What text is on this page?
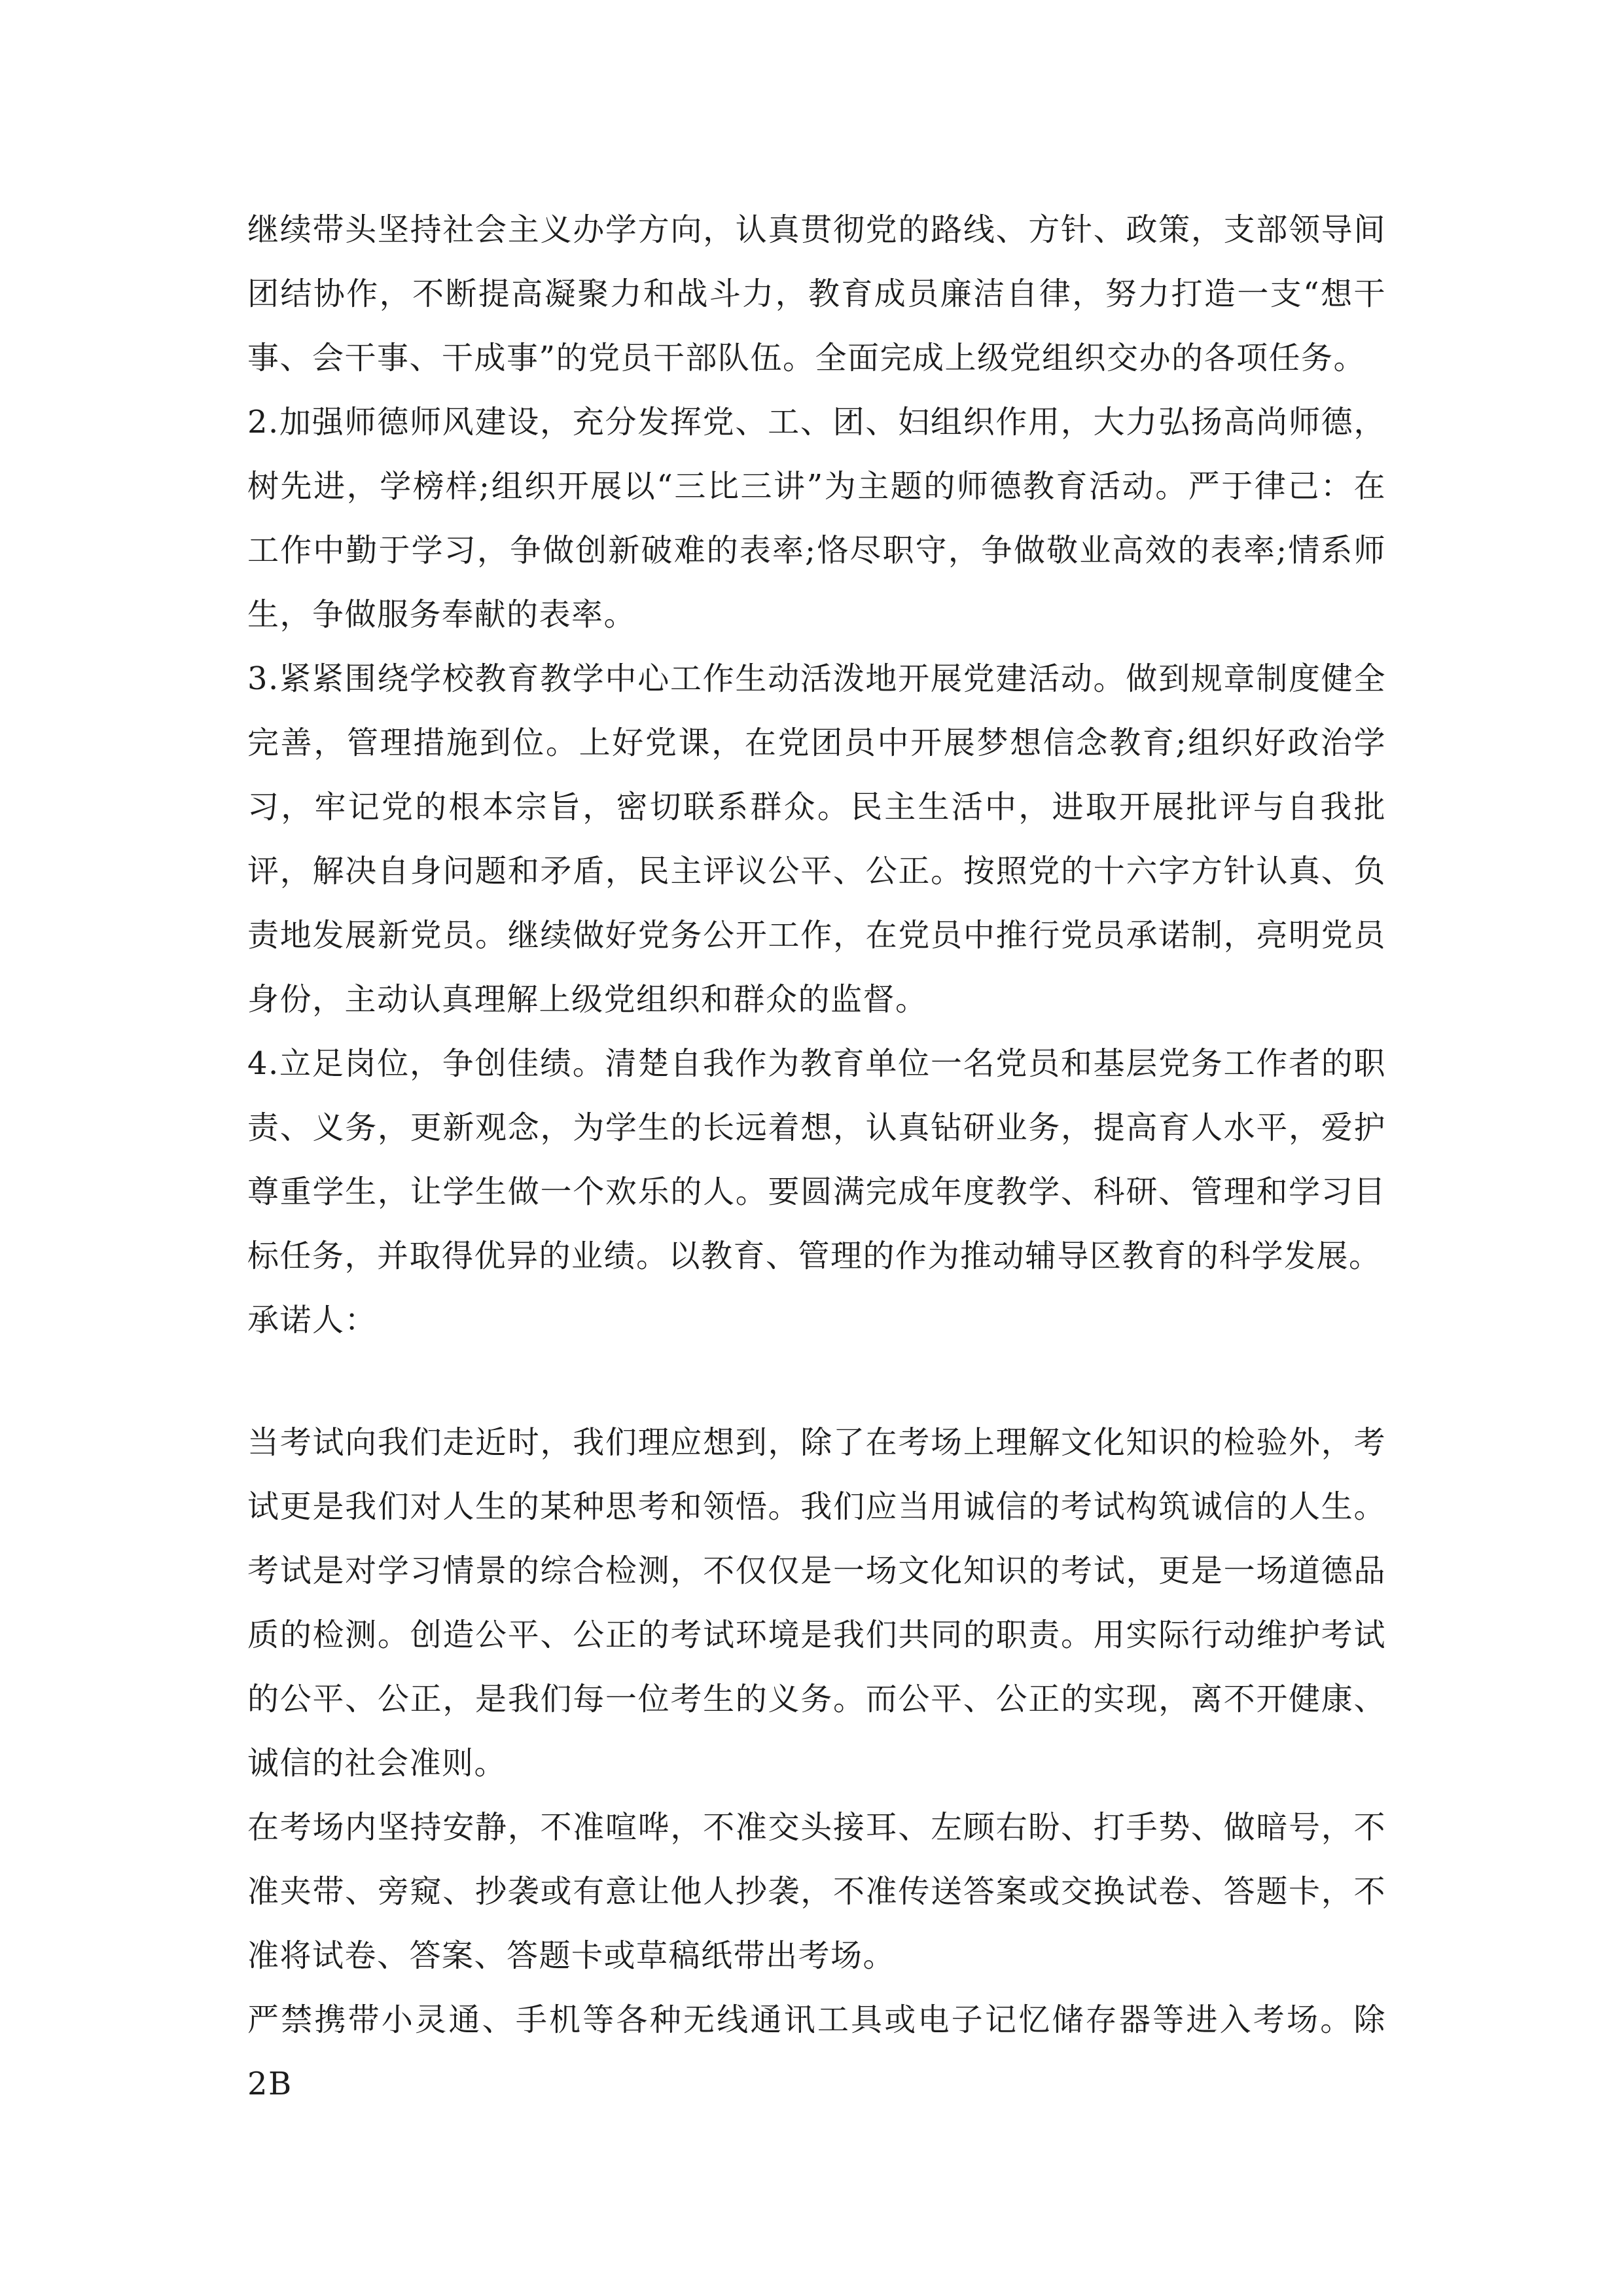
继续带头坚持社会主义办学方向，认真贯彻党的路线、方针、政策，支部领导间团结协作，不断提高凝聚力和战斗力，教育成员廉洁自律，努力打造一支“想干事、会干事、干成事”的党员干部队伍。全面完成上级党组织交办的各项任务。

2.加强师德师风建设，充分发挥党、工、团、妇组织作用，大力弘扬高尚师德，树先进，学榜样;组织开展以“三比三讲”为主题的师德教育活动。严于律己：在工作中勤于学习，争做创新破难的表率;恪尽职守，争做敬业高效的表率;情系师生，争做服务奉献的表率。

3.紧紧围绕学校教育教学中心工作生动活泼地开展党建活动。做到规章制度健全完善，管理措施到位。上好党课，在党团员中开展梦想信念教育;组织好政治学习，牢记党的根本宗旨，密切联系群众。民主生活中，进取开展批评与自我批评，解决自身问题和矛盾，民主评议公平、公正。按照党的十六字方针认真、负责地发展新党员。继续做好党务公开工作，在党员中推行党员承诺制，亮明党员身份，主动认真理解上级党组织和群众的监督。

4.立足岗位，争创佳绩。清楚自我作为教育单位一名党员和基层党务工作者的职责、义务，更新观念，为学生的长远着想，认真钻研业务，提高育人水平，爱护尊重学生，让学生做一个欢乐的人。要圆满完成年度教学、科研、管理和学习目标任务，并取得优异的业绩。以教育、管理的作为推动辅导区教育的科学发展。

承诺人：

当考试向我们走近时，我们理应想到，除了在考场上理解文化知识的检验外，考试更是我们对人生的某种思考和领悟。我们应当用诚信的考试构筑诚信的人生。考试是对学习情景的综合检测，不仅仅是一场文化知识的考试，更是一场道德品质的检测。创造公平、公正的考试环境是我们共同的职责。用实际行动维护考试的公平、公正，是我们每一位考生的义务。而公平、公正的实现，离不开健康、诚信的社会准则。

在考场内坚持安静，不准喧哗，不准交头接耳、左顾右盼、打手势、做暗号，不准夹带、旁窥、抄袭或有意让他人抄袭，不准传送答案或交换试卷、答题卡，不准将试卷、答案、答题卡或草稿纸带出考场。

严禁携带小灵通、手机等各种无线通讯工具或电子记忆储存器等进入考场。除 2B
